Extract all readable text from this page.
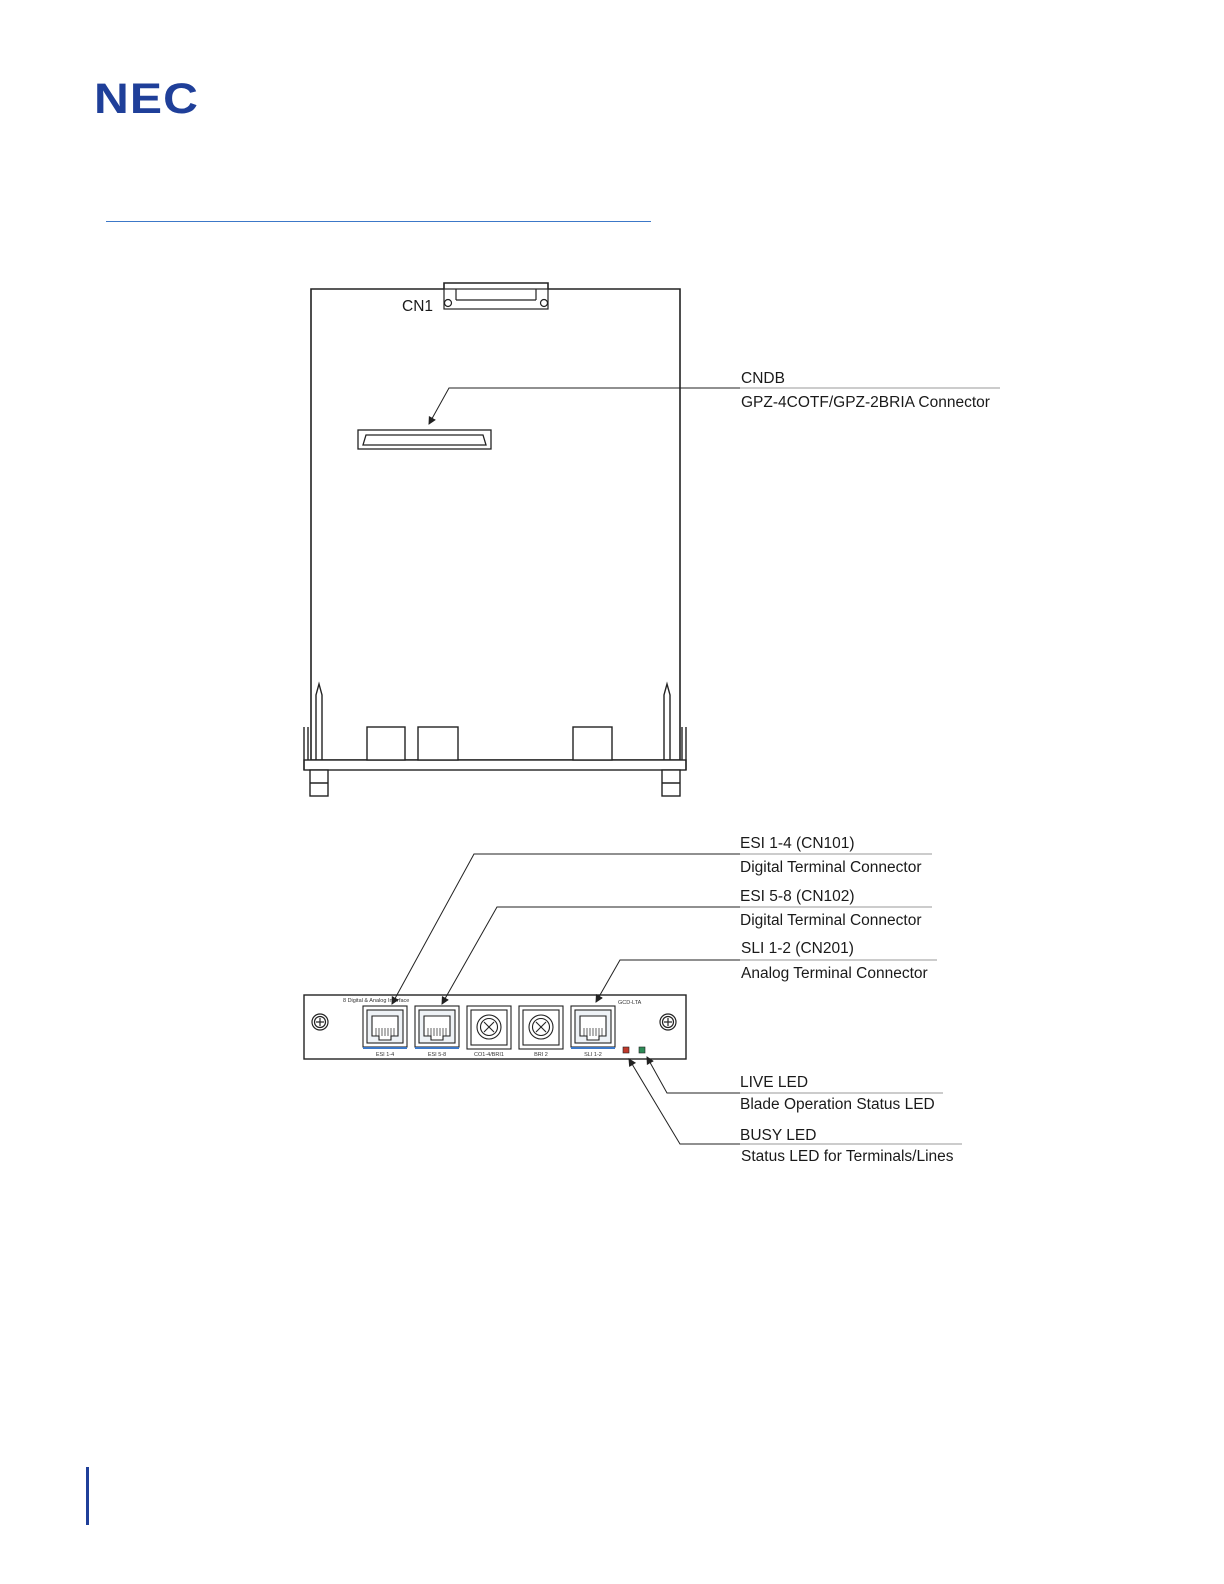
NEC
CN1
CNDB
GPZ-4COTF/GPZ-2BRIA Connector
8 Digital & Analog Interface	GCD-LTA
ESI 1-4	ESI 5-8	CO1-4/BRI1	BRI 2	SLI 1-2
ESI 1-4 (CN101)
Digital Terminal Connector
ESI 5-8 (CN102)
Digital Terminal Connector
SLI 1-2 (CN201)
Analog Terminal Connector
LIVE LED
Blade Operation Status LED
BUSY LED
Status LED for Terminals/Lines
